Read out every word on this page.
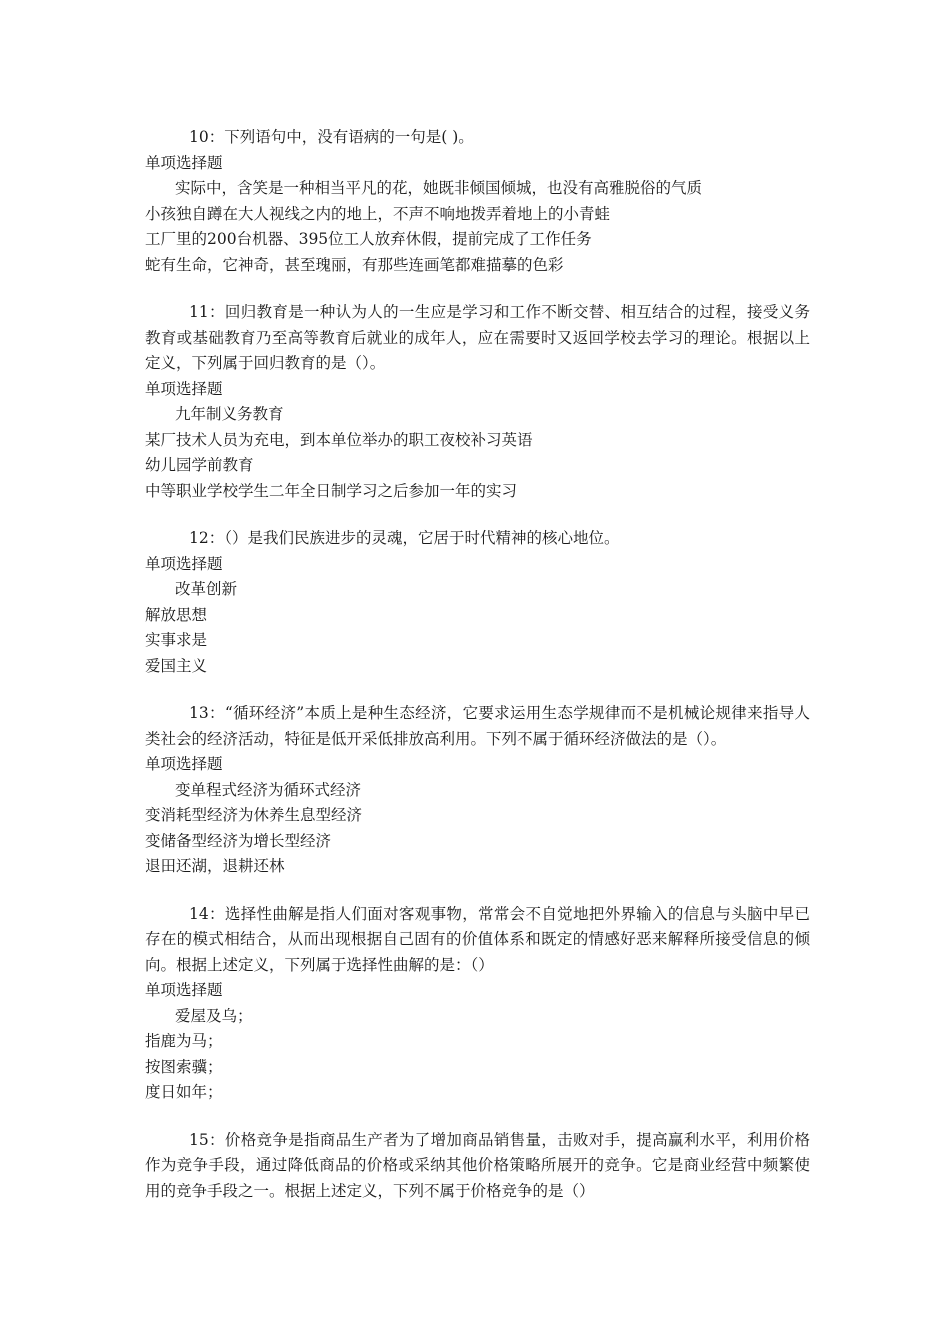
10：下列语句中，没有语病的一句是( )。

单项选择题

实际中，含笑是一种相当平凡的花，她既非倾国倾城，也没有高雅脱俗的气质

小孩独自蹲在大人视线之内的地上，不声不响地拨弄着地上的小青蛙

工厂里的200台机器、395位工人放弃休假，提前完成了工作任务

蛇有生命，它神奇，甚至瑰丽，有那些连画笔都难描摹的色彩

11：回归教育是一种认为人的一生应是学习和工作不断交替、相互结合的过程，接受义务教育或基础教育乃至高等教育后就业的成年人，应在需要时又返回学校去学习的理论。根据以上定义，下列属于回归教育的是（）。

单项选择题

九年制义务教育

某厂技术人员为充电，到本单位举办的职工夜校补习英语

幼儿园学前教育

中等职业学校学生二年全日制学习之后参加一年的实习

12：（）是我们民族进步的灵魂，它居于时代精神的核心地位。

单项选择题

改革创新

解放思想

实事求是

爱国主义

13：“循环经济”本质上是种生态经济，它要求运用生态学规律而不是机械论规律来指导人类社会的经济活动，特征是低开采低排放高利用。下列不属于循环经济做法的是（）。

单项选择题

变单程式经济为循环式经济

变消耗型经济为休养生息型经济

变储备型经济为增长型经济

退田还湖，退耕还林

14：选择性曲解是指人们面对客观事物，常常会不自觉地把外界输入的信息与头脑中早已存在的模式相结合，从而出现根据自己固有的价值体系和既定的情感好恶来解释所接受信息的倾向。根据上述定义，下列属于选择性曲解的是：（）

单项选择题

爱屋及乌；

指鹿为马；

按图索骥；

度日如年；

15：价格竞争是指商品生产者为了增加商品销售量，击败对手，提高赢利水平，利用价格作为竞争手段，通过降低商品的价格或采纳其他价格策略所展开的竞争。它是商业经营中频繁使用的竞争手段之一。根据上述定义，下列不属于价格竞争的是（）
